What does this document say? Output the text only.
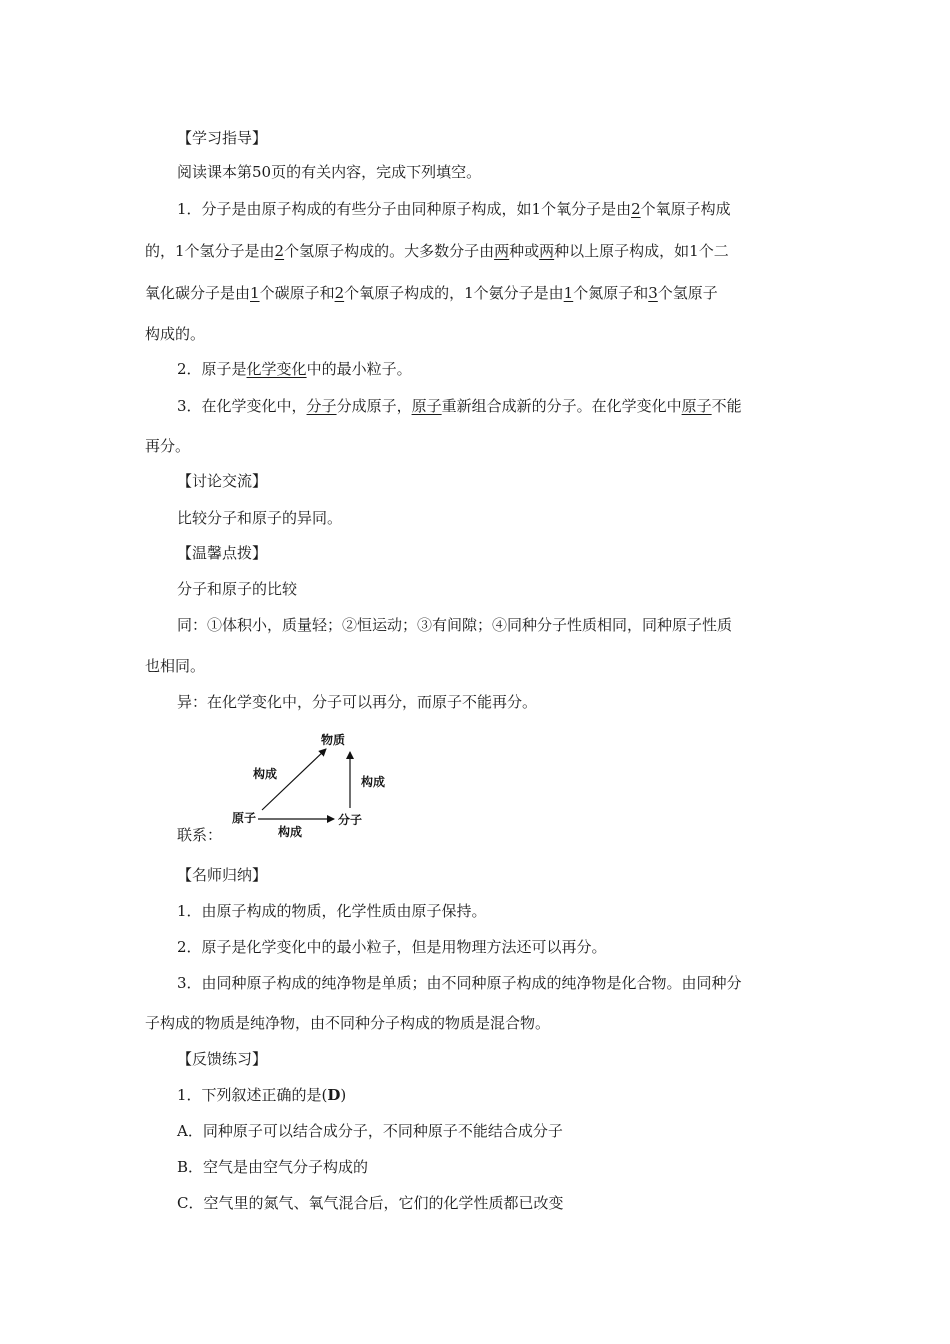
【学习指导】
阅读课本第50页的有关内容，完成下列填空。
1．分子是由原子构成的有些分子由同种原子构成，如1个氧分子是由2个氧原子构成
的，1个氢分子是由2个氢原子构成的。大多数分子由两种或两种以上原子构成，如1个二
氧化碳分子是由1个碳原子和2个氧原子构成的，1个氨分子是由1个氮原子和3个氢原子
构成的。
2．原子是化学变化中的最小粒子。
3．在化学变化中，分子分成原子，原子重新组合成新的分子。在化学变化中原子不能
再分。
【讨论交流】
比较分子和原子的异同。
【温馨点拨】
分子和原子的比较
同：①体积小，质量轻；②恒运动；③有间隙；④同种分子性质相同，同种原子性质
也相同。
异：在化学变化中，分子可以再分，而原子不能再分。
联系：
物质
原子	分子
构成
构成
构成
【名师归纳】
1．由原子构成的物质，化学性质由原子保持。
2．原子是化学变化中的最小粒子，但是用物理方法还可以再分。
3．由同种原子构成的纯净物是单质；由不同种原子构成的纯净物是化合物。由同种分
子构成的物质是纯净物，由不同种分子构成的物质是混合物。
【反馈练习】
1．下列叙述正确的是(D)
A．同种原子可以结合成分子，不同种原子不能结合成分子
B．空气是由空气分子构成的
C．空气里的氮气、氧气混合后，它们的化学性质都已改变
